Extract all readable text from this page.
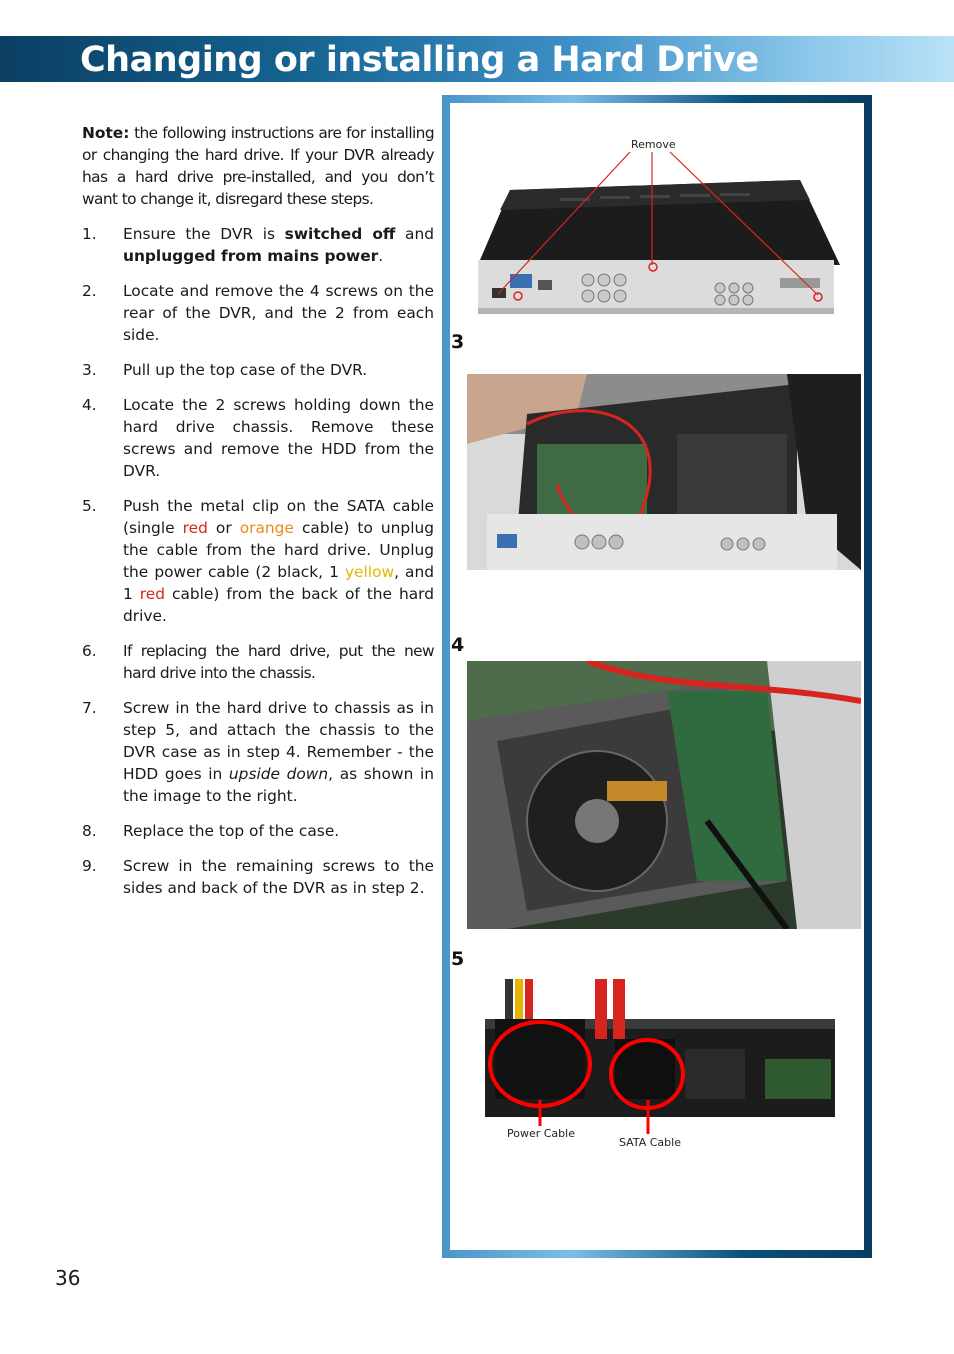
Changing or installing a Hard Drive

Note: the following instructions are for installing or changing the hard drive. If your DVR already has a hard drive pre-installed, and you don’t want to change it, disregard these steps.

1.	Ensure the DVR is switched off and unplugged from mains power.
2.	Locate and remove the 4 screws on the rear of the DVR, and the 2 from each side.
3.	Pull up the top case of the DVR.
4.	Locate the 2 screws holding down the hard drive chassis. Remove these screws and remove the HDD from the DVR.
5.	Push the metal clip on the SATA cable (single red or orange cable) to unplug the cable from the hard drive. Unplug the power cable (2 black, 1 yellow, and 1 red cable) from the back of the hard drive.
6.	If replacing the hard drive, put the new hard drive into the chassis.
7.	Screw in the hard drive to chassis as in step 5, and attach the chassis to the DVR case as in step 4. Remember - the HDD goes in upside down, as shown in the image to the right.
8.	Replace the top of the case.
9.	Screw in the remaining screws to the sides and back of the DVR as in step 2.
36
Remove
3
4
5
Power Cable
SATA Cable
